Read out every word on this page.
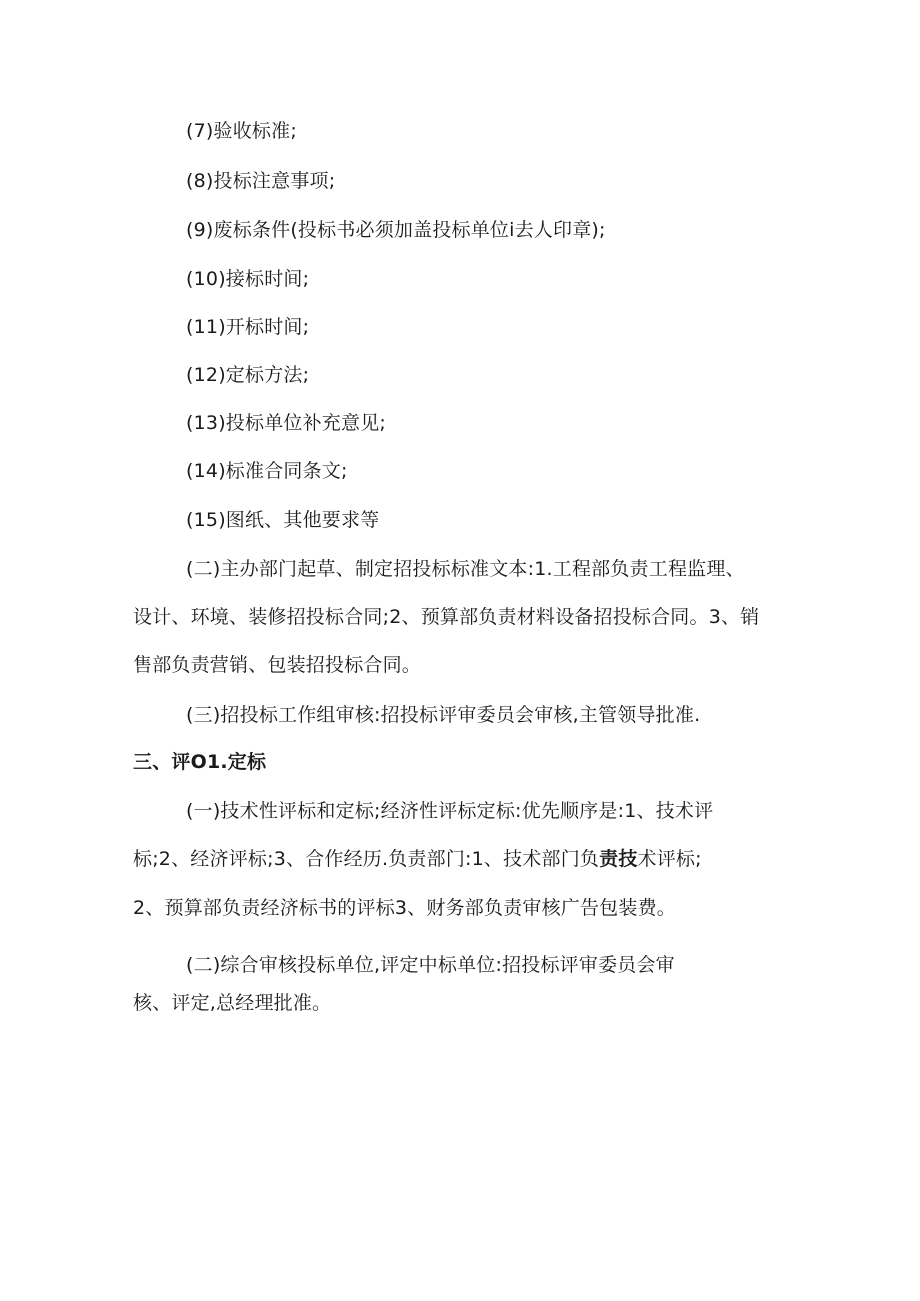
(7)验收标准;
(8)投标注意事项;
(9)废标条件(投标书必须加盖投标单位i去人印章);
(10)接标时间;
(11)开标时间;
(12)定标方法;
(13)投标单位补充意见;
(14)标准合同条文;
(15)图纸、其他要求等
(二)主办部门起草、制定招投标标准文本:1.工程部负责工程监理、
设计、环境、装修招投标合同;2、预算部负责材料设备招投标合同。3、销
售部负责营销、包装招投标合同。
(三)招投标工作组审核:招投标评审委员会审核,主管领导批准.
三、评O1.定标
(一)技术性评标和定标;经济性评标定标:优先顺序是:1、技术评
标;2、经济评标;3、合作经历.负责部门:1、技术部门负责技术评标;
2、预算部负责经济标书的评标3、财务部负责审核广告包装费。
(二)综合审核投标单位,评定中标单位:招投标评审委员会审
核、评定,总经理批准。
